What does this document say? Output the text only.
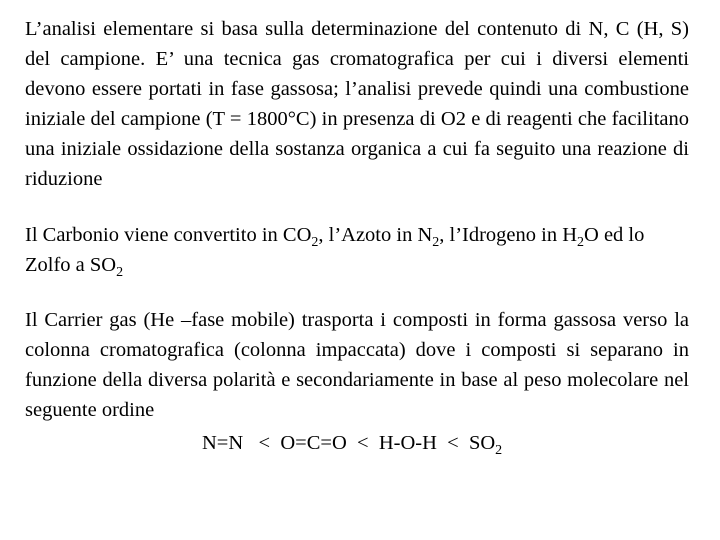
L’analisi elementare si basa sulla determinazione del contenuto di N, C (H, S) del campione. E’ una tecnica gas cromatografica per cui i diversi elementi devono essere portati in fase gassosa; l’analisi prevede quindi una combustione iniziale del campione (T = 1800°C) in presenza di O2 e di reagenti che facilitano una iniziale ossidazione della sostanza organica a cui fa seguito una reazione di riduzione

Il Carbonio viene convertito in $CO_2$, l’Azoto in $N_2$, l’Idrogeno in $H_2O$ ed lo Zolfo a $SO_2$

Il Carrier gas (He –fase mobile) trasporta i composti in forma gassosa verso la colonna cromatografica (colonna impaccata) dove i composti si separano in funzione della diversa polarità e secondariamente in base al peso molecolare nel seguente ordine

$N=N < O=C=O < H-O-H < SO_2$
